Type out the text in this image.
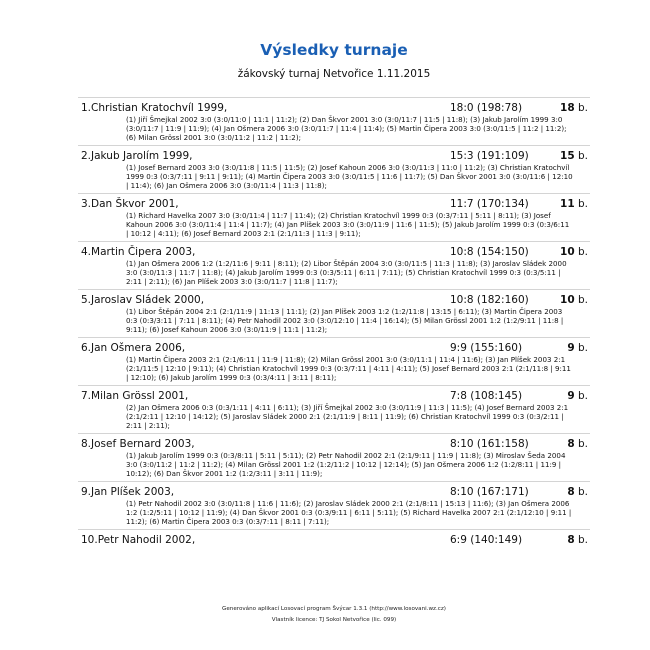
Výsledky turnaje
žákovský turnaj Netvořice 1.11.2015
1.Christian Kratochvíl 1999,	18:0 (198:78)	18 b.
(1) Jiří Šmejkal 2002 3:0 (3:0/11:0 | 11:1 | 11:2); (2) Dan Škvor 2001 3:0 (3:0/11:7 | 11:5 | 11:8); (3) Jakub Jarolím 1999 3:0 (3:0/11:7 | 11:9 | 11:9); (4) Jan Ošmera 2006 3:0 (3:0/11:7 | 11:4 | 11:4); (5) Martin Čipera 2003 3:0 (3:0/11:5 | 11:2 | 11:2); (6) Milan Grössl 2001 3:0 (3:0/11:2 | 11:2 | 11:2);
2.Jakub Jarolím 1999,	15:3 (191:109)	15 b.
(1) Josef Bernard 2003 3:0 (3:0/11:8 | 11:5 | 11:5); (2) Josef Kahoun 2006 3:0 (3:0/11:3 | 11:0 | 11:2); (3) Christian Kratochvíl 1999 0:3 (0:3/7:11 | 9:11 | 9:11); (4) Martin Čipera 2003 3:0 (3:0/11:5 | 11:6 | 11:7); (5) Dan Škvor 2001 3:0 (3:0/11:6 | 12:10 | 11:4); (6) Jan Ošmera 2006 3:0 (3:0/11:4 | 11:3 | 11:8);
3.Dan Škvor 2001,	11:7 (170:134)	11 b.
(1) Richard Havelka 2007 3:0 (3:0/11:4 | 11:7 | 11:4); (2) Christian Kratochvíl 1999 0:3 (0:3/7:11 | 5:11 | 8:11); (3) Josef Kahoun 2006 3:0 (3:0/11:4 | 11:4 | 11:7); (4) Jan Plíšek 2003 3:0 (3:0/11:9 | 11:6 | 11:5); (5) Jakub Jarolím 1999 0:3 (0:3/6:11 | 10:12 | 4:11); (6) Josef Bernard 2003 2:1 (2:1/11:3 | 11:3 | 9:11);
4.Martin Čipera 2003,	10:8 (154:150)	10 b.
(1) Jan Ošmera 2006 1:2 (1:2/11:6 | 9:11 | 8:11); (2) Libor Štěpán 2004 3:0 (3:0/11:5 | 11:3 | 11:8); (3) Jaroslav Sládek 2000 3:0 (3:0/11:3 | 11:7 | 11:8); (4) Jakub Jarolím 1999 0:3 (0:3/5:11 | 6:11 | 7:11); (5) Christian Kratochvíl 1999 0:3 (0:3/5:11 | 2:11 | 2:11); (6) Jan Plíšek 2003 3:0 (3:0/11:7 | 11:8 | 11:7);
5.Jaroslav Sládek 2000,	10:8 (182:160)	10 b.
(1) Libor Štěpán 2004 2:1 (2:1/11:9 | 11:13 | 11:1); (2) Jan Plíšek 2003 1:2 (1:2/11:8 | 13:15 | 6:11); (3) Martin Čipera 2003 0:3 (0:3/3:11 | 7:11 | 8:11); (4) Petr Nahodil 2002 3:0 (3:0/12:10 | 11:4 | 16:14); (5) Milan Grössl 2001 1:2 (1:2/9:11 | 11:8 | 9:11); (6) Josef Kahoun 2006 3:0 (3:0/11:9 | 11:1 | 11:2);
6.Jan Ošmera 2006,	9:9 (155:160)	9 b.
(1) Martin Čipera 2003 2:1 (2:1/6:11 | 11:9 | 11:8); (2) Milan Grössl 2001 3:0 (3:0/11:1 | 11:4 | 11:6); (3) Jan Plíšek 2003 2:1 (2:1/11:5 | 12:10 | 9:11); (4) Christian Kratochvíl 1999 0:3 (0:3/7:11 | 4:11 | 4:11); (5) Josef Bernard 2003 2:1 (2:1/11:8 | 9:11 | 12:10); (6) Jakub Jarolím 1999 0:3 (0:3/4:11 | 3:11 | 8:11);
7.Milan Grössl 2001,	7:8 (108:145)	9 b.
(2) Jan Ošmera 2006 0:3 (0:3/1:11 | 4:11 | 6:11); (3) Jiří Šmejkal 2002 3:0 (3:0/11:9 | 11:3 | 11:5); (4) Josef Bernard 2003 2:1 (2:1/2:11 | 12:10 | 14:12); (5) Jaroslav Sládek 2000 2:1 (2:1/11:9 | 8:11 | 11:9); (6) Christian Kratochvíl 1999 0:3 (0:3/2:11 | 2:11 | 2:11);
8.Josef Bernard 2003,	8:10 (161:158)	8 b.
(1) Jakub Jarolím 1999 0:3 (0:3/8:11 | 5:11 | 5:11); (2) Petr Nahodil 2002 2:1 (2:1/9:11 | 11:9 | 11:8); (3) Miroslav Šeda 2004 3:0 (3:0/11:2 | 11:2 | 11:2); (4) Milan Grössl 2001 1:2 (1:2/11:2 | 10:12 | 12:14); (5) Jan Ošmera 2006 1:2 (1:2/8:11 | 11:9 | 10:12); (6) Dan Škvor 2001 1:2 (1:2/3:11 | 3:11 | 11:9);
9.Jan Plíšek 2003,	8:10 (167:171)	8 b.
(1) Petr Nahodil 2002 3:0 (3:0/11:8 | 11:6 | 11:6); (2) Jaroslav Sládek 2000 2:1 (2:1/8:11 | 15:13 | 11:6); (3) Jan Ošmera 2006 1:2 (1:2/5:11 | 10:12 | 11:9); (4) Dan Škvor 2001 0:3 (0:3/9:11 | 6:11 | 5:11); (5) Richard Havelka 2007 2:1 (2:1/12:10 | 9:11 | 11:2); (6) Martin Čipera 2003 0:3 (0:3/7:11 | 8:11 | 7:11);
10.Petr Nahodil 2002,	6:9 (140:149)	8 b.
Generováno aplikací Losovací program Švýcar 1.3.1 (http://www.losovani.wz.cz)
Vlastník licence: TJ Sokol Netvořice (lic. 099)
